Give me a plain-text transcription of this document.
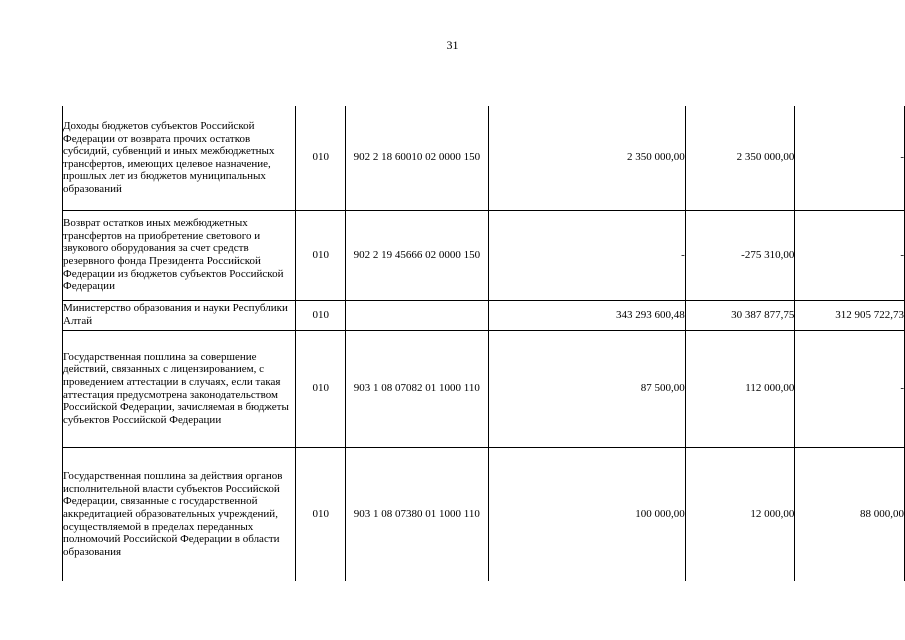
31
Доходы бюджетов субъектов Российской Федерации от возврата прочих остатков субсидий, субвенций и иных межбюджетных трансфертов, имеющих целевое назначение, прошлых лет из бюджетов муниципальных образований	010	902 2 18 60010 02 0000 150	2 350 000,00	2 350 000,00	-
Возврат остатков иных межбюджетных трансфертов на приобретение светового и звукового оборудования за счет средств резервного фонда Президента Российской Федерации из бюджетов субъектов Российской Федерации	010	902 2 19 45666 02 0000 150	-	-275 310,00	-
Министерство образования и науки Республики Алтай	010		343 293 600,48	30 387 877,75	312 905 722,73
Государственная пошлина за совершение действий, связанных с лицензированием, с проведением аттестации в случаях, если такая аттестация предусмотрена законодательством Российской Федерации, зачисляемая в бюджеты субъектов Российской Федерации	010	903 1 08 07082 01 1000 110	87 500,00	112 000,00	-
Государственная пошлина за действия органов исполнительной власти субъектов Российской Федерации, связанные с государственной аккредитацией образовательных учреждений, осуществляемой в пределах переданных полномочий Российской Федерации в области образования	010	903 1 08 07380 01 1000 110	100 000,00	12 000,00	88 000,00
